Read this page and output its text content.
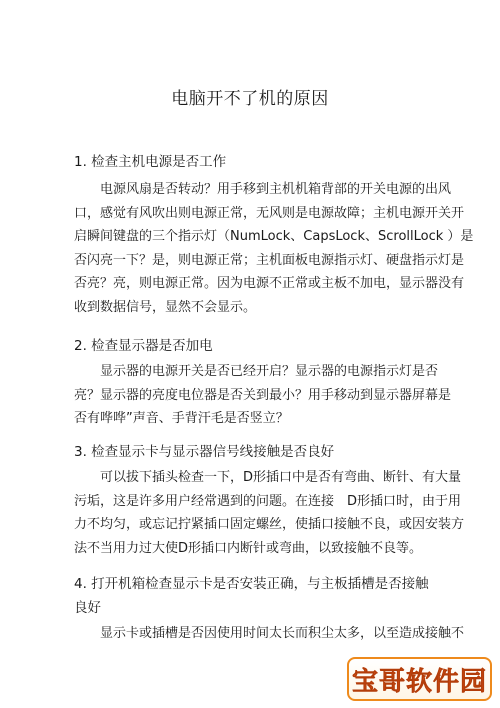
电脑开不了机的原因
1. 检查主机电源是否工作
电源风扇是否转动？用手移到主机机箱背部的开关电源的出风
口，感觉有风吹出则电源正常，无风则是电源故障；主机电源开关开
启瞬间键盘的三个指示灯（NumLock、CapsLock、ScrollLock ）是
否闪亮一下？是，则电源正常；主机面板电源指示灯、硬盘指示灯是
否亮？亮，则电源正常。因为电源不正常或主板不加电，显示器没有
收到数据信号，显然不会显示。
2. 检查显示器是否加电
显示器的电源开关是否已经开启？显示器的电源指示灯是否
亮？显示器的亮度电位器是否关到最小？用手移动到显示器屏幕是
否有哗哗”声音、手背汗毛是否竖立？
3. 检查显示卡与显示器信号线接触是否良好
可以拔下插头检查一下，D形插口中是否有弯曲、断针、有大量
污垢，这是许多用户经常遇到的问题。在连接　D形插口时，由于用
力不均匀，或忘记拧紧插口固定螺丝，使插口接触不良，或因安装方
法不当用力过大使D形插口内断针或弯曲，以致接触不良等。
4. 打开机箱检查显示卡是否安装正确，与主板插槽是否接触
良好
显示卡或插槽是否因使用时间太长而积尘太多，以至造成接触不
宝哥软件园
